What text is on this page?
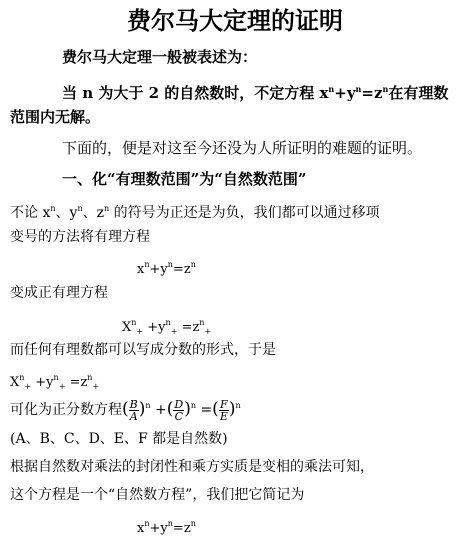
费尔马大定理的证明
费尔马大定理一般被表述为：
当 n 为大于 2 的自然数时，不定方程 $x^n+y^n=z^n$在有理数
范围内无解。
下面的，便是对这至今还没为人所证明的难题的证明。
一、化“有理数范围”为“自然数范围”
不论 $x^n$、$y^n$、$z^n$ 的符号为正还是为负，我们都可以通过移项
变号的方法将有理方程
$x^n+y^n=z^n$
变成正有理方程
$X^n_+ +y^n_+ =z^n_+$
而任何有理数都可以写成分数的形式，于是
$X^n_+ +y^n_+ =z^n_+$
可化为正分数方程( $\frac{B}{A} )^n$ +( $\frac{D}{C} )^n$ =( $\frac{F}{E} )^n$
(A、B、C、D、E、F 都是自然数)
根据自然数对乘法的封闭性和乘方实质是变相的乘法可知，
这个方程是一个“自然数方程”，我们把它简记为
$x^n+y^n=z^n$
